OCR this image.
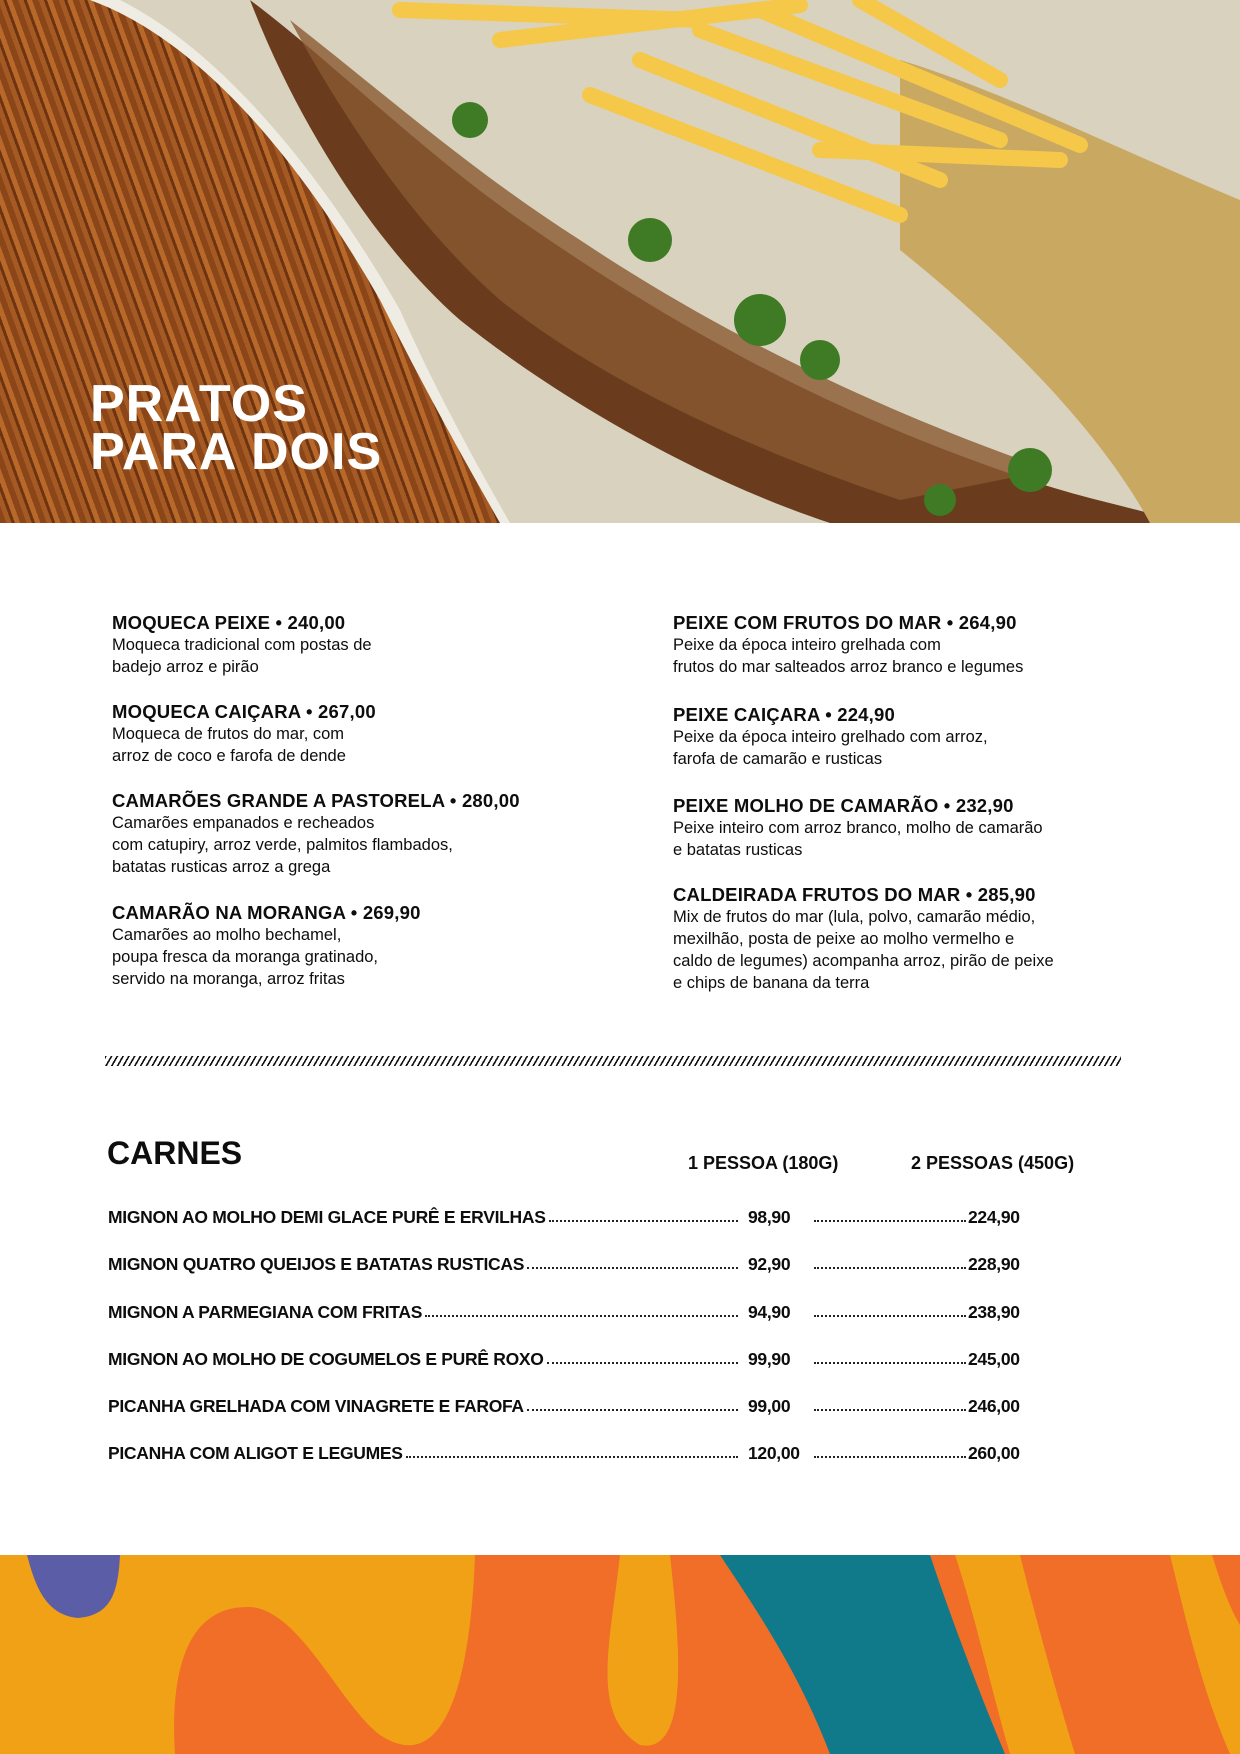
PRATOS
PARA DOIS
MOQUECA PEIXE • 240,00

Moqueca tradicional com postas de
badejo arroz e pirão

MOQUECA CAIÇARA • 267,00

Moqueca de frutos do mar, com
arroz de coco e farofa de dende

CAMARÕES GRANDE A PASTORELA • 280,00

Camarões empanados e recheados
com catupiry, arroz verde, palmitos flambados,
batatas rusticas arroz a grega

CAMARÃO NA MORANGA • 269,90

Camarões ao molho bechamel,
poupa fresca da moranga gratinado,
servido na moranga, arroz fritas

PEIXE COM FRUTOS DO MAR • 264,90

Peixe da época inteiro grelhada com
frutos do mar salteados arroz branco e legumes

PEIXE CAIÇARA • 224,90

Peixe da época inteiro grelhado com arroz,
farofa de camarão e rusticas

PEIXE MOLHO DE CAMARÃO • 232,90

Peixe inteiro com arroz branco, molho de camarão
e batatas rusticas

CALDEIRADA FRUTOS DO MAR • 285,90

Mix de frutos do mar (lula, polvo, camarão médio,
mexilhão, posta de peixe ao molho vermelho e
caldo de legumes) acompanha arroz, pirão de peixe
e chips de banana da terra

CARNES	1 PESSOA (180G)	2 PESSOAS (450G)
MIGNON AO MOLHO DEMI GLACE PURÊ E ERVILHAS	98,90	224,90
MIGNON QUATRO QUEIJOS E BATATAS RUSTICAS	92,90	228,90
MIGNON A PARMEGIANA COM FRITAS	94,90	238,90
MIGNON AO MOLHO DE COGUMELOS E PURÊ ROXO	99,90	245,00
PICANHA GRELHADA COM VINAGRETE E FAROFA	99,00	246,00
PICANHA COM ALIGOT E LEGUMES	120,00	260,00
